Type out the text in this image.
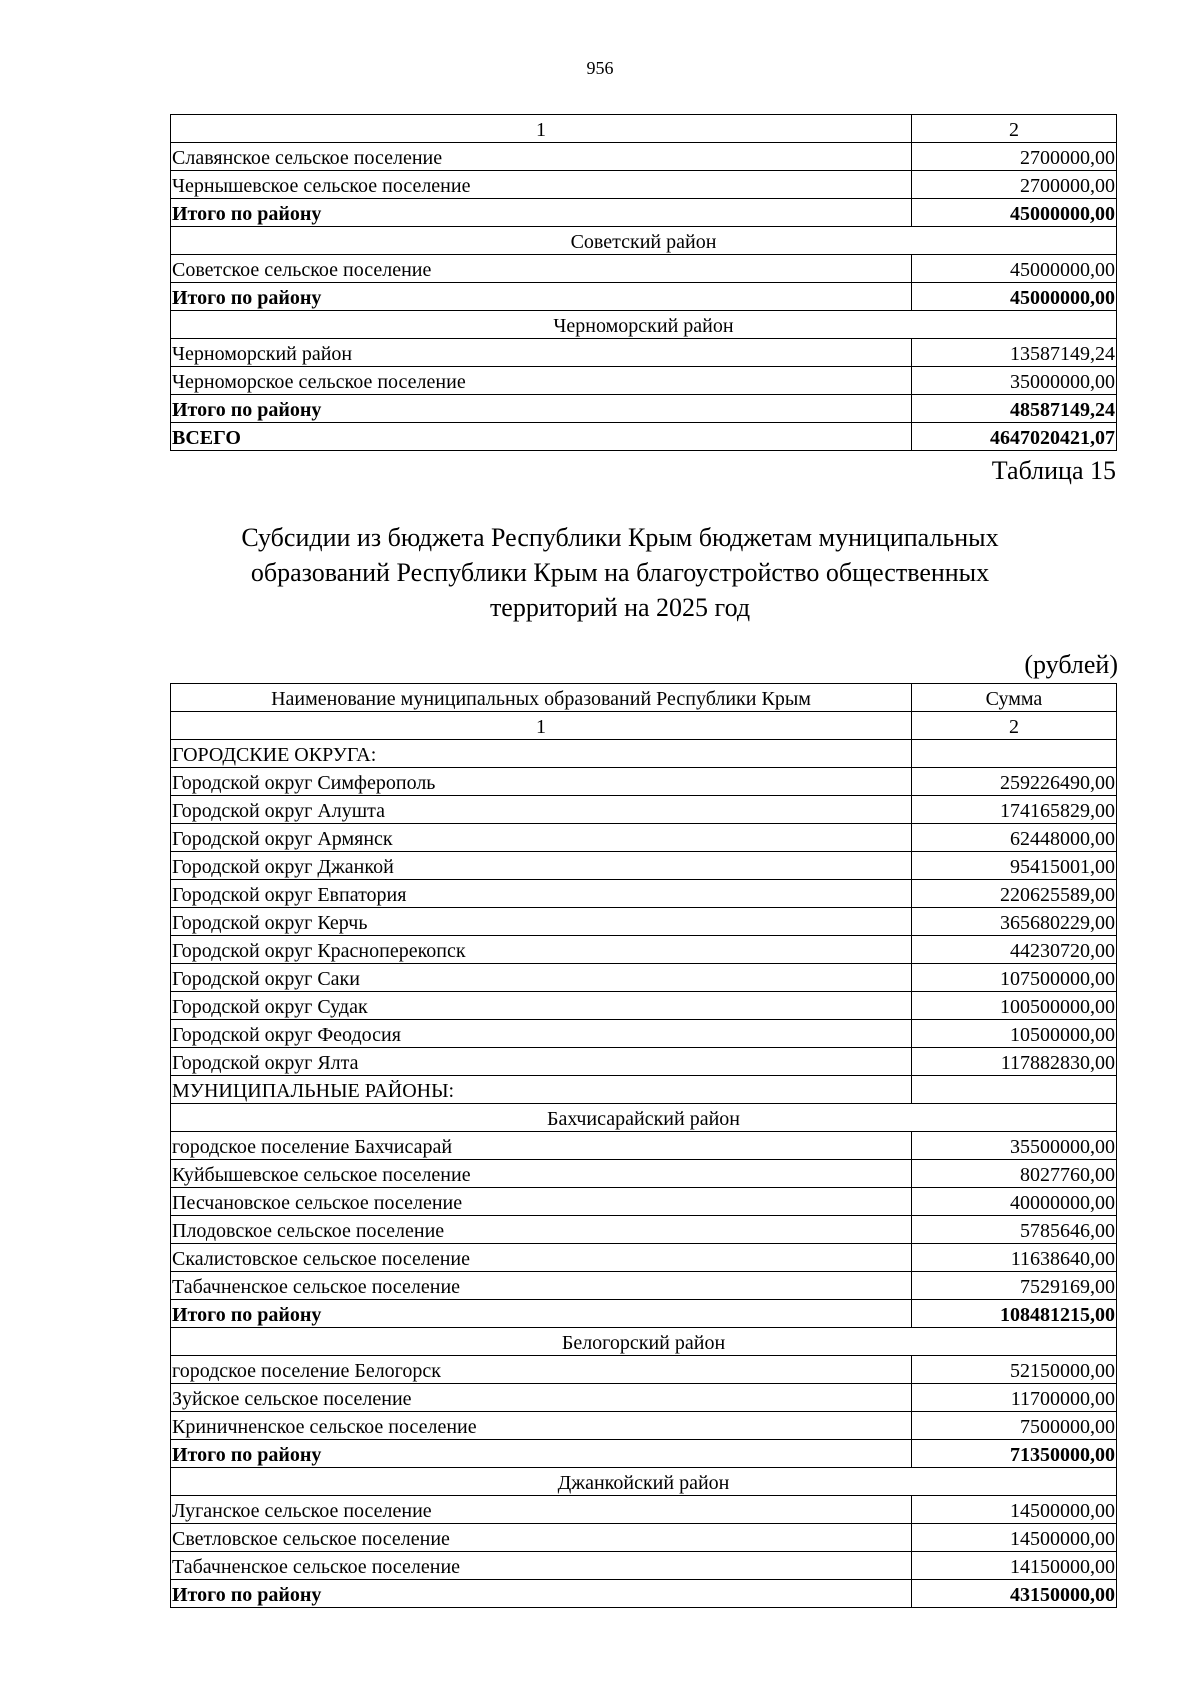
956
1	2
Славянское сельское поселение	2700000,00
Чернышевское сельское поселение	2700000,00
Итого по району	45000000,00
Советский район	
Советское сельское поселение	45000000,00
Итого по району	45000000,00
Черноморский район	
Черноморский район	13587149,24
Черноморское сельское поселение	35000000,00
Итого по району	48587149,24
ВСЕГО	4647020421,07
Таблица 15
Субсидии из бюджета Республики Крым бюджетам муниципальных
образований Республики Крым на благоустройство общественных
территорий на 2025 год
(рублей)
Наименование муниципальных образований Республики Крым	Сумма
1	2
ГОРОДСКИЕ ОКРУГА:	
Городской округ Симферополь	259226490,00
Городской округ Алушта	174165829,00
Городской округ Армянск	62448000,00
Городской округ Джанкой	95415001,00
Городской округ Евпатория	220625589,00
Городской округ Керчь	365680229,00
Городской округ Красноперекопск	44230720,00
Городской округ Саки	107500000,00
Городской округ Судак	100500000,00
Городской округ Феодосия	10500000,00
Городской округ Ялта	117882830,00
МУНИЦИПАЛЬНЫЕ РАЙОНЫ:	
Бахчисарайский район	
городское поселение Бахчисарай	35500000,00
Куйбышевское сельское поселение	8027760,00
Песчановское сельское поселение	40000000,00
Плодовское сельское поселение	5785646,00
Скалистовское сельское поселение	11638640,00
Табачненское сельское поселение	7529169,00
Итого по району	108481215,00
Белогорский район	
городское поселение Белогорск	52150000,00
Зуйское сельское поселение	11700000,00
Криничненское сельское поселение	7500000,00
Итого по району	71350000,00
Джанкойский район	
Луганское сельское поселение	14500000,00
Светловское сельское поселение	14500000,00
Табачненское сельское поселение	14150000,00
Итого по району	43150000,00
